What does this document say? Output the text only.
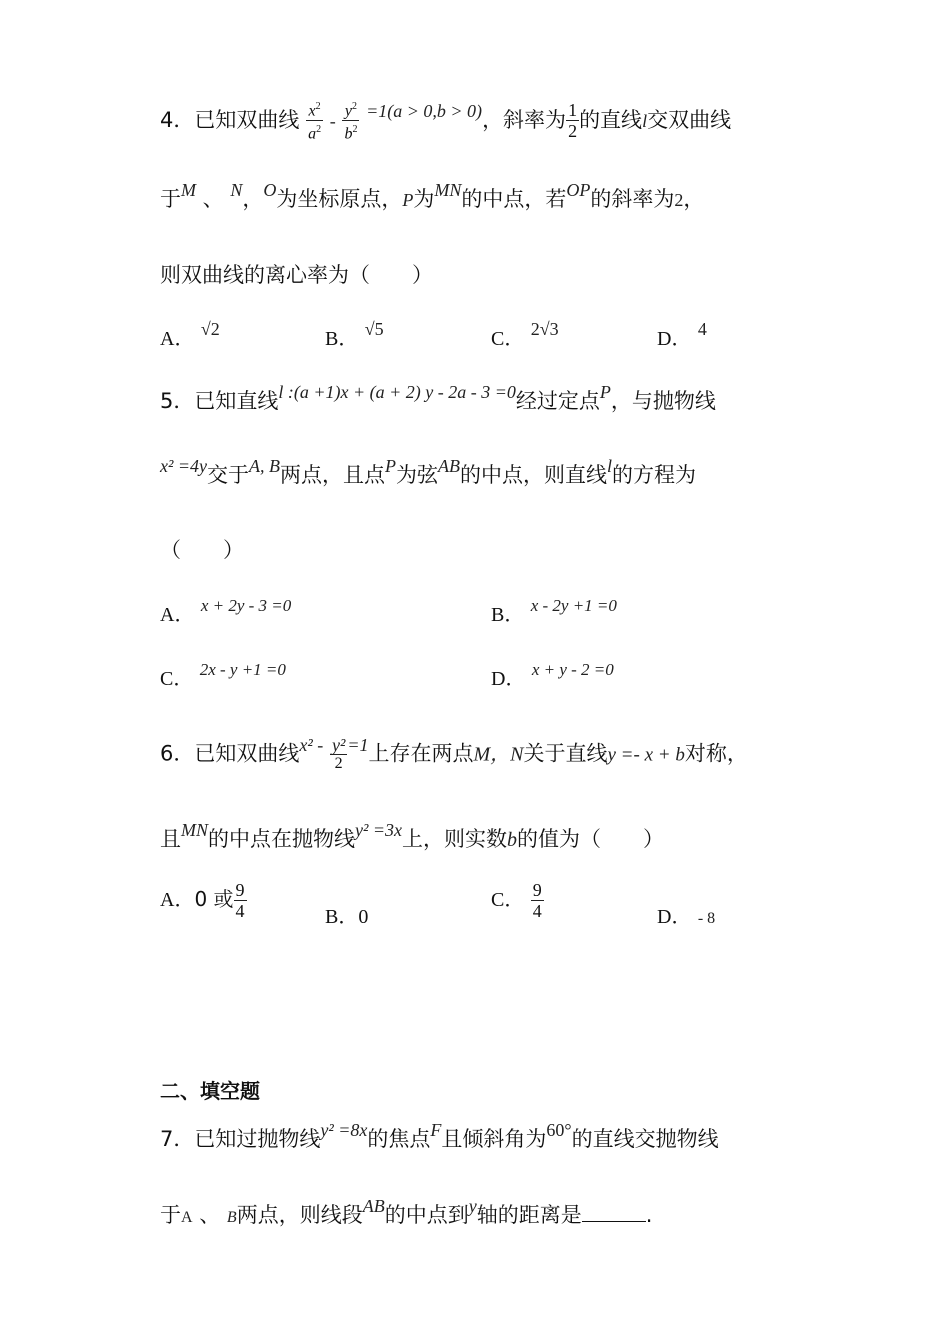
4．已知双曲线 $\frac{x^2}{a^2} - \frac{y^2}{b^2} =1(a > 0,b > 0)$，斜率为 $\frac{1}{2}$ 的直线l交双曲线
于M 、 N，O为坐标原点，P为MN的中点，若OP的斜率为2，
则双曲线的离心率为（　　）
A． √2	B． √5	C． 2√3	D． 4
5．已知直线l :(a +1)x + (a + 2) y - 2a - 3 =0经过定点P，与抛物线
x² =4y交于A, B两点，且点P为弦AB的中点，则直线l的方程为
（　　）
A． $^{x + 2y - 3 =0}$	B． $^{x - 2y +1 =0}$
C． $^{2x - y +1 =0}$	D． $^{x + y - 2 =0}$
6．已知双曲线$x^2 - \frac{\text{y²}}{2} =1$上存在两点M，N关于直线y =- x + b对称，
且MN的中点在抛物线y² =3x上，则实数b的值为（　　）
A．0 或 $\frac{9}{4}$	B．0
C． $\frac{9}{4}$	D． - 8
二、填空题
7．已知过抛物线y² =8x的焦点F且倾斜角为60°的直线交抛物线
于A 、 B两点，则线段AB的中点到y轴的距离是	.
